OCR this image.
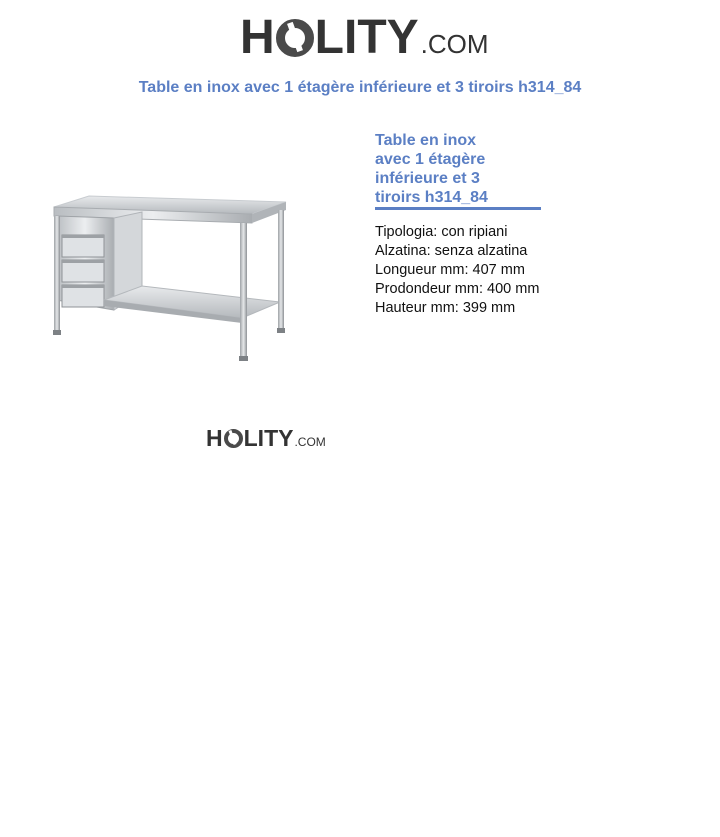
H LITY .COM
Table en inox avec 1 étagère inférieure et 3 tiroirs h314_84
Table en inox
avec 1 étagère
inférieure et 3
tiroirs h314_84
Tipologia: con ripiani
Alzatina: senza alzatina
Longueur mm: 407 mm
Prodondeur mm: 400 mm
Hauteur mm: 399 mm
H LITY .COM
